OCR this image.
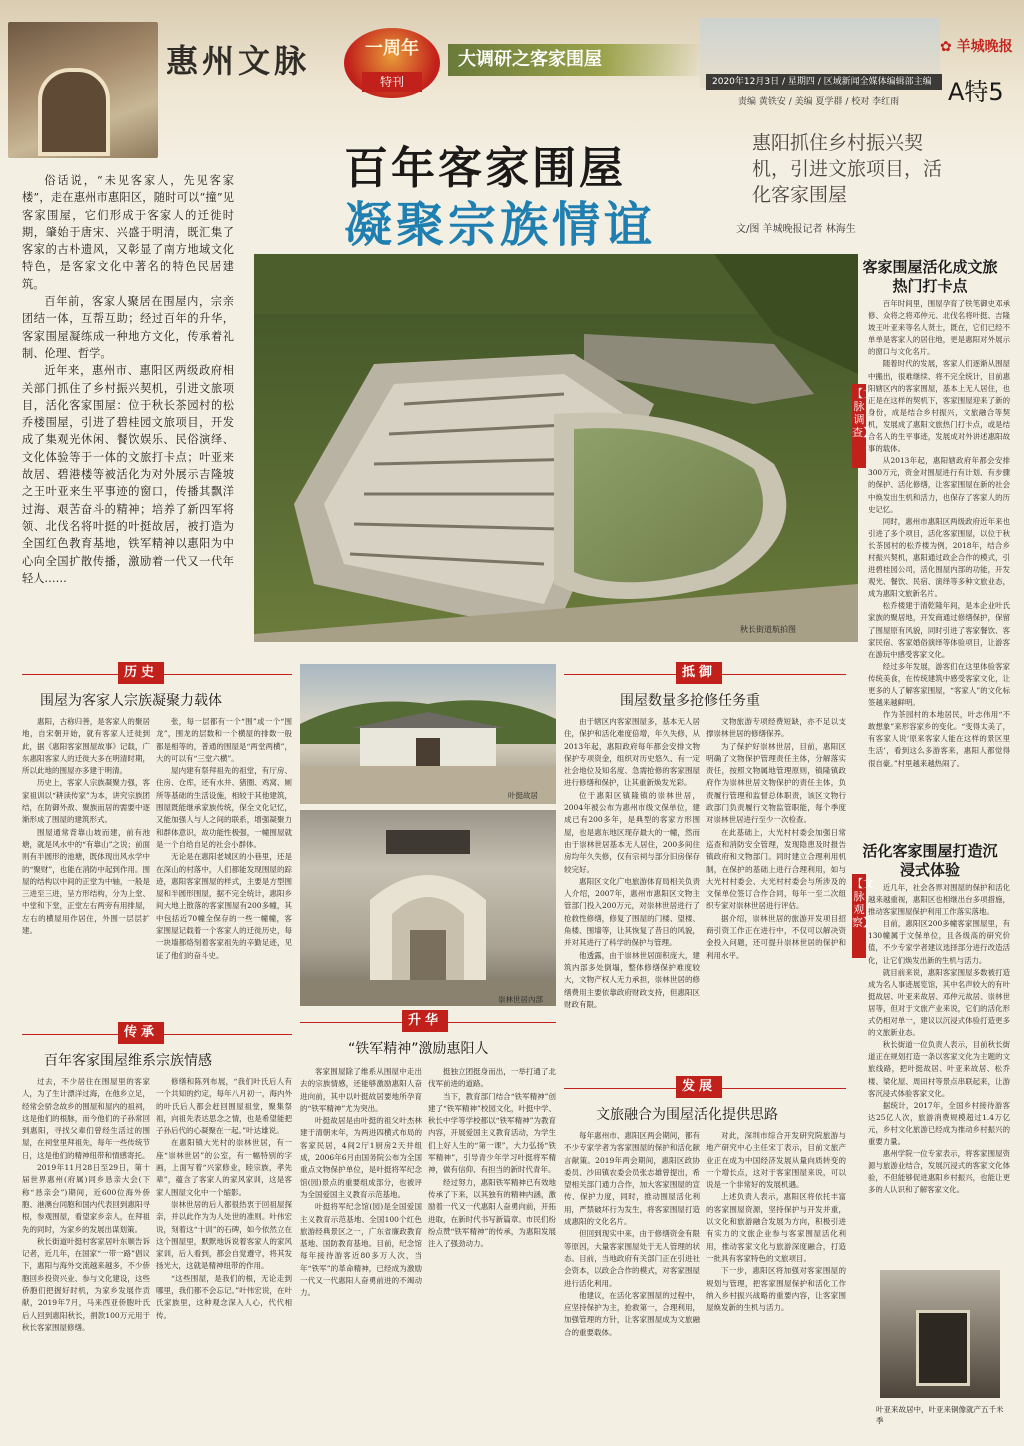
惠州文脉	一周年
特刊
大调研之客家围屋
✿ 羊城晚报
2020年12月3日 / 星期四 / 区域新闻全媒体编辑部主编
责编 黄铁安 / 美编 夏学群 / 校对 李红雨 A特5
百年客家围屋
凝聚宗族情谊
惠阳抓住乡村振兴契机，引进文旅项目，活化客家围屋
文/图 羊城晚报记者 林海生

俗话说，“未见客家人，先见客家楼”，走在惠州市惠阳区，随时可以“撞”见客家围屋，它们形成于客家人的迁徙时期，肇始于唐宋、兴盛于明清，既汇集了客家的古朴遗风，又彰显了南方地域文化特色，是客家文化中著名的特色民居建筑。

百年前，客家人聚居在围屋内，宗亲团结一体，互帮互助；经过百年的升华，客家围屋凝练成一种地方文化，传承着礼制、伦理、哲学。

近年来，惠州市、惠阳区两级政府相关部门抓住了乡村振兴契机，引进文旅项目，活化客家围屋：位于秋长茶园村的松乔楼围屋，引进了碧桂园文旅项目，开发成了集观光休闲、餐饮娱乐、民俗演绎、文化体验等于一体的文旅打卡点；叶亚来故居、碧港楼等被活化为对外展示吉隆坡之王叶亚来生平事迹的窗口，传播其飘洋过海、艰苦奋斗的精神；培养了新四军将领、北伐名将叶挺的叶挺故居，被打造为全国红色教育基地，铁军精神以惠阳为中心向全国扩散传播，激励着一代又一代年轻人……

秋长街道航拍图
客家围屋活化成文旅热门打卡点
【文脉调查】

百年时间里，围屋孕育了铁笔御史邓承修、众将之将邓仲元、北伐名将叶挺、吉隆坡王叶亚来等名人贤士，既在，它们已经不单单是客家人的居住地，更是惠阳对外展示的窗口与文化名片。

随着时代的发展，客家人们逐渐从围屋中搬出，很难继续、将不完全统计，目前惠阳辖区内的客家围屋，基本上无人居住，也正是在这样的契机下，客家围屋迎来了新的身份，成是结合乡村振兴，文旅融合等契机，发展成了惠阳文旅热门打卡点，或是结合名人的生平事迹，发展成对外讲述惠阳故事的载体。

从2013年起，惠阳辖政府年都会安排300万元，资金对围屋进行有计划、有步骤的保护、活化修缮，让客家围屋在新的社会中焕发出生机和活力，也保存了客家人的历史记忆。

同时，惠州市惠阳区两级政府近年来也引进了多个项目，活化客家围屋，以位于秋长茶园村的松乔楼为例，2018年，结合乡村振兴契机，惠阳通过政企合作的模式，引进碧桂园公司，活化围屋内部的功能，开发观光、餐饮、民宿、演绎等多种文旅业态，成为惠阳文旅新名片。

松乔楼建于清乾隆年间，是本企业叶氏家族的聚居地，开发商通过修缮保护，保留了围屋原有风貌，同时引进了客家餐饮、客家民宿、客家婚俗演绎等体验项目，让游客在游玩中感受客家文化。

经过多年发展，游客们在这里体验客家传统美食，在传统建筑中感受客家文化，让更多的人了解客家围屋，“客家人”的文化标签越来越鲜明。

作为茶园村的本地居民，叶志伟用“不敢想象”来形容家乡的变化。“变得太美了，有客家人说‘原来客家人能在这样的景区里生活’，看到这么多游客来，惠阳人都觉得很自豪。”村里越来越热闹了。

活化客家围屋打造沉浸式体验
【文脉观察】

近几年，社会各界对围屋的保护和活化越来越重视，惠阳区也相继出台多项措施，推动客家围屋保护利用工作落实落地。

目前，惠阳区200多幢客家围屋里，有130幢属于文保单位，且各级高的研究价值，不少专家学者建议选择部分进行改造活化，让它们焕发出新的生机与活力。

就目前来说，惠阳客家围屋多数被打造成为名人事迹展览馆，其中名声较大的有叶挺故居、叶亚来故居、邓仲元故居、崇林世居等，但对于文旅产业来说，它们的活化形式仍相对单一，建议以沉浸式体验打造更多的文旅新业态。

秋长街道一位负责人表示，目前秋长街道正在规划打造一条以客家文化为主题的文旅线路，把叶挺故居、叶亚来故居、松乔楼、梁化屋、周田村等景点串联起来，让游客沉浸式体验客家文化。

据统计，2017年，全国乡村接待游客达25亿人次，旅游消费规模超过1.4万亿元，乡村文化旅游已经成为推动乡村振兴的重要力量。

惠州学院一位专家表示，将客家围屋资源与旅游业结合，发展沉浸式的客家文化体验，不但能够促进惠阳乡村振兴，也能让更多的人认识和了解客家文化。

叶亚来故居中，叶亚来铜像就产五千米季
历史
围屋为客家人宗族凝聚力载体

惠阳，古称归善，是客家人的聚居地，自宋朝开始，就有客家人迁徙到此，据《惠阳客家围屋故事》记载，广东惠阳客家人的迁徙大多在明清时期，所以此地的围屋亦多建于明清。

历史上，客家人宗族凝聚力强，客家祖训以“耕读传家”为本，讲究宗族团结，在防御外敌、聚族而居的需要中逐渐形成了围屋的建筑形式。

围屋通常背靠山坡而建，前有池塘，就是风水中的“有靠山”之说；前面则有半圆形的池塘，既体现出风水学中的“聚财”，也能在消防中起到作用。围屋的结构以中间的正堂为中轴，一般是三进至三进，呈方形结构，分为上堂、中堂和下堂，正堂左右两旁有用排屋，左右的横屋用作居住，外围一层层扩建。

张，每一层都有一个“围”或一个“围龙”，围龙的层数和一个横屋的排数一般都是相等的，普通的围屋是“两堂两横”，大的可以有“三堂六横”。

屋内建有祭拜祖先的祖堂，有厅房、住房、仓库，还有水井、猪圈、鸡窝、厕所等基础的生活设施，相较于其他建筑，围屋既能继承家族传统，保全文化记忆，又能加强人与人之间的联系，增强凝聚力和群体意识，故功能性极强，一幢围屋就是一个自给自足的社会小群体。

无论是在惠阳老城区的小巷里，还是在深山的村落中，人们都能发现围屋的踪迹，惠阳客家围屋的样式，主要是方型围屋和半圆形围屋，据不完全统计，惠阳乡间大地上散落的客家围屋有200多幢，其中包括近70幢全保存的一些一幢幢，客家围屋记载着一个客家人的迁徙历史，每一块墙都烙刻着客家祖先的辛勤足迹，见证了他们的奋斗史。

传承
百年客家围屋维系宗族情感

过去，不少居住在围屋里的客家人，为了生计漂洋过海，在他乡立足，经常会骄念故乡的围屋和屋内的祖祠，这是他们的根脉，而今他们的子孙常回到惠阳，寻找父辈们曾经生活过的围屋，在祠堂里拜祖先，每年一些传统节日，这是他们的精神纽带和情感寄托。

2019年11月28日至29日，第十届世界惠州(府属)同乡恳亲大会(下称“恳亲会”)期间，近600位海外侨胞、港澳台同胞和国内代表回到惠阳寻根，参观围屋，看望家乡亲人，在拜祖先的同时，为家乡的发展出谋划策。

秋长街道叶挺村客家居叶东顺告诉记者，近几年，在国家“一带一路”倡议下，惠阳与海外交流越来越多，不少侨胞回乡投资兴业、参与文化建设，这些侨胞们把握好时机，为家乡发展作贡献，2019年7月，马来西亚侨胞叶氏后人回到惠阳秋长，捐款100万元用于秋长客家围屋修缮。

修缮和陈列布展，“我们叶氏后人有一个共知的约定，每年八月初一，海内外的叶氏后人都会赶回围屋祖堂，聚集祭祖，向祖先表达思念之情，也是希望能把子孙后代的心凝聚在一起。”叶达雄说。

在惠阳镇大光村的崇林世居，有一座“崇林世居”的公室，有一幅特别的字画，上面写着“兴家修业，睦宗族，孝先辈”，蕴含了客家人的家风家训，这是客家人围屋文化中一个缩影。

崇林世居的后人都很热衷于回祖屋探亲，并以此作为为人处世的准则。叶伟宏说，刻着这“十训”的石碑，如今依然立在这个围屋里，默默地诉说着客家人的家风家训，后人看到，都会自觉遵守，将其发扬光大，这就是精神纽带的作用。

“这些围屋，是我们的根，无论走到哪里，我们都不会忘记。”叶伟宏说，在叶氏家族里，这种观念深入人心，代代相传。

叶挺故居
崇林世居內部
升华
“铁军精神”激励惠阳人

客家围屋除了维系从围屋中走出去的宗族情感，还能够激励惠阳人奋进向前，其中以叶挺故居要地所孕育的“铁军精神”尤为突出。

叶挺故居是由叶挺的祖父叶杰林建于清朝末年，为两进四横式布局的客家民居，4间2厅1厨房2天井组成，2006年6月由国务院公布为全国重点文物保护单位，是叶挺将军纪念馆(园)景点的重要组成部分，也被评为全国爱国主义教育示范基地。

叶挺将军纪念馆(园)是全国爱国主义教育示范基地、全国100个红色旅游经典景区之一，广东省廉政教育基地、国防教育基地。目前，纪念馆每年接待游客近80多万人次，当年“铁军”的革命精神，已经成为激励一代又一代惠阳人奋勇前进的不竭动力。

挺独立团挺身而出，一举打通了北伐军前进的道路。

当下，教育部门结合“铁军精神”创建了“铁军精神”校园文化，叶挺中学、秋长中学等学校都以“铁军精神”为教育内容，开展爱国主义教育活动，为学生们上好人生的“第一课”，大力弘扬“铁军精神”，引导青少年学习叶挺将军精神，做有信仰、有担当的新时代青年。

经过努力，惠阳铁军精神已有效地传承了下来，以其独有的精神内涵，激励着一代又一代惠阳人奋勇向前，开拓进取，在新时代书写新篇章。市民们纷纷点赞“铁军精神”的传承，为惠阳发展注入了强劲动力。

抵御
围屋数量多抢修任务重

由于辖区内客家围屋多，基本无人居住，保护和活化难度倍增，年久失修，从2013年起，惠阳政府每年都会安排文物保护专项资金，组织对历史悠久、有一定社会地位及知名度、急需抢修的客家围屋进行修缮和保护，让其重新焕发光彩。

位于惠阳区镇隆镇的崇林世居，2004年被公布为惠州市级文保单位，建成已有200多年，是典型的客家方形围屋，也是惠东地区现存最大的一幢，然而由于崇林世居基本无人居住，200多间住房均年久失修，仅有宗祠与部分旧房保存较完好。

惠阳区文化广电旅游体育局相关负责人介绍，2007年，惠州市惠阳区文物主管部门投入200万元，对崇林世居进行了抢救性修缮，修复了围屋的门楼、望楼、角楼、围墙等，让其恢复了昔日的风貌，并对其进行了科学的保护与管理。

他透露，由于崇林世居面积庞大，建筑内部多处倒塌，整体修缮保护难度较大，文物产权人无力承担，崇林世居的修缮费用主要依靠政府财政支持，但惠阳区财政有限。

文物旅游专项经费短缺，亦不足以支撑崇林世居的修缮保养。

为了保护好崇林世居，目前，惠阳区明确了文物保护管理责任主体，分解落实责任，按照文物属地管理原则，镇隆镇政府作为崇林世居文物保护的责任主体，负责履行管理和监督总体职责，该区文物行政部门负责履行文物监管职能，每个季度对崇林世居进行至少一次检查。

在此基础上，大光村村委会加强日常巡查和消防安全管理，发现隐患及时报告镇政府和文物部门。同时建立合理利用机制，在保护的基础上进行合理利用，如与大光村村委会、大光村村委会与所涉及的文保单位签订合作合同，每年一至二次组织专家对崇林世居进行评估。

据介绍，崇林世居的旅游开发项目招商引资工作正在进行中，不仅可以解决资金投入问题，还可提升崇林世居的保护和利用水平。

发展
文旅融合为围屋活化提供思路

每年惠州市、惠阳区两会期间，都有不少专家学者为客家围屋的保护和活化献言献策。2019年两会期间，惠阳区政协委员、沙田镇农委会员张志雄曾提出，希望相关部门通力合作，加大客家围屋的宣传、保护力度，同时，推动围屋活化利用，严禁破坏行为发生，将客家围屋打造成惠阳的文化名片。

但回到现实中来，由于修缮资金有限等原因，大量客家围屋处于无人管理的状态。目前，当地政府有关部门正在引进社会资本，以政企合作的模式，对客家围屋进行活化利用。

他建议，在活化客家围屋的过程中，应坚持保护为主，抢救第一，合理利用，加强管理的方针，让客家围屋成为文旅融合的重要载体。

对此，深圳市综合开发研究院旅游与地产研究中心主任宋丁表示，目前文旅产业正在成为中国经济发展从量向质转变的一个增长点，这对于客家围屋来说，可以说是一个非常好的发展机遇。

上述负责人表示，惠阳区将依托丰富的客家围屋资源，坚持保护与开发并重，以文化和旅游融合发展为方向，积极引进有实力的文旅企业参与客家围屋活化利用，推动客家文化与旅游深度融合，打造一批具有客家特色的文旅项目。

下一步，惠阳区将加强对客家围屋的规划与管理，把客家围屋保护和活化工作纳入乡村振兴战略的重要内容，让客家围屋焕发新的生机与活力。
